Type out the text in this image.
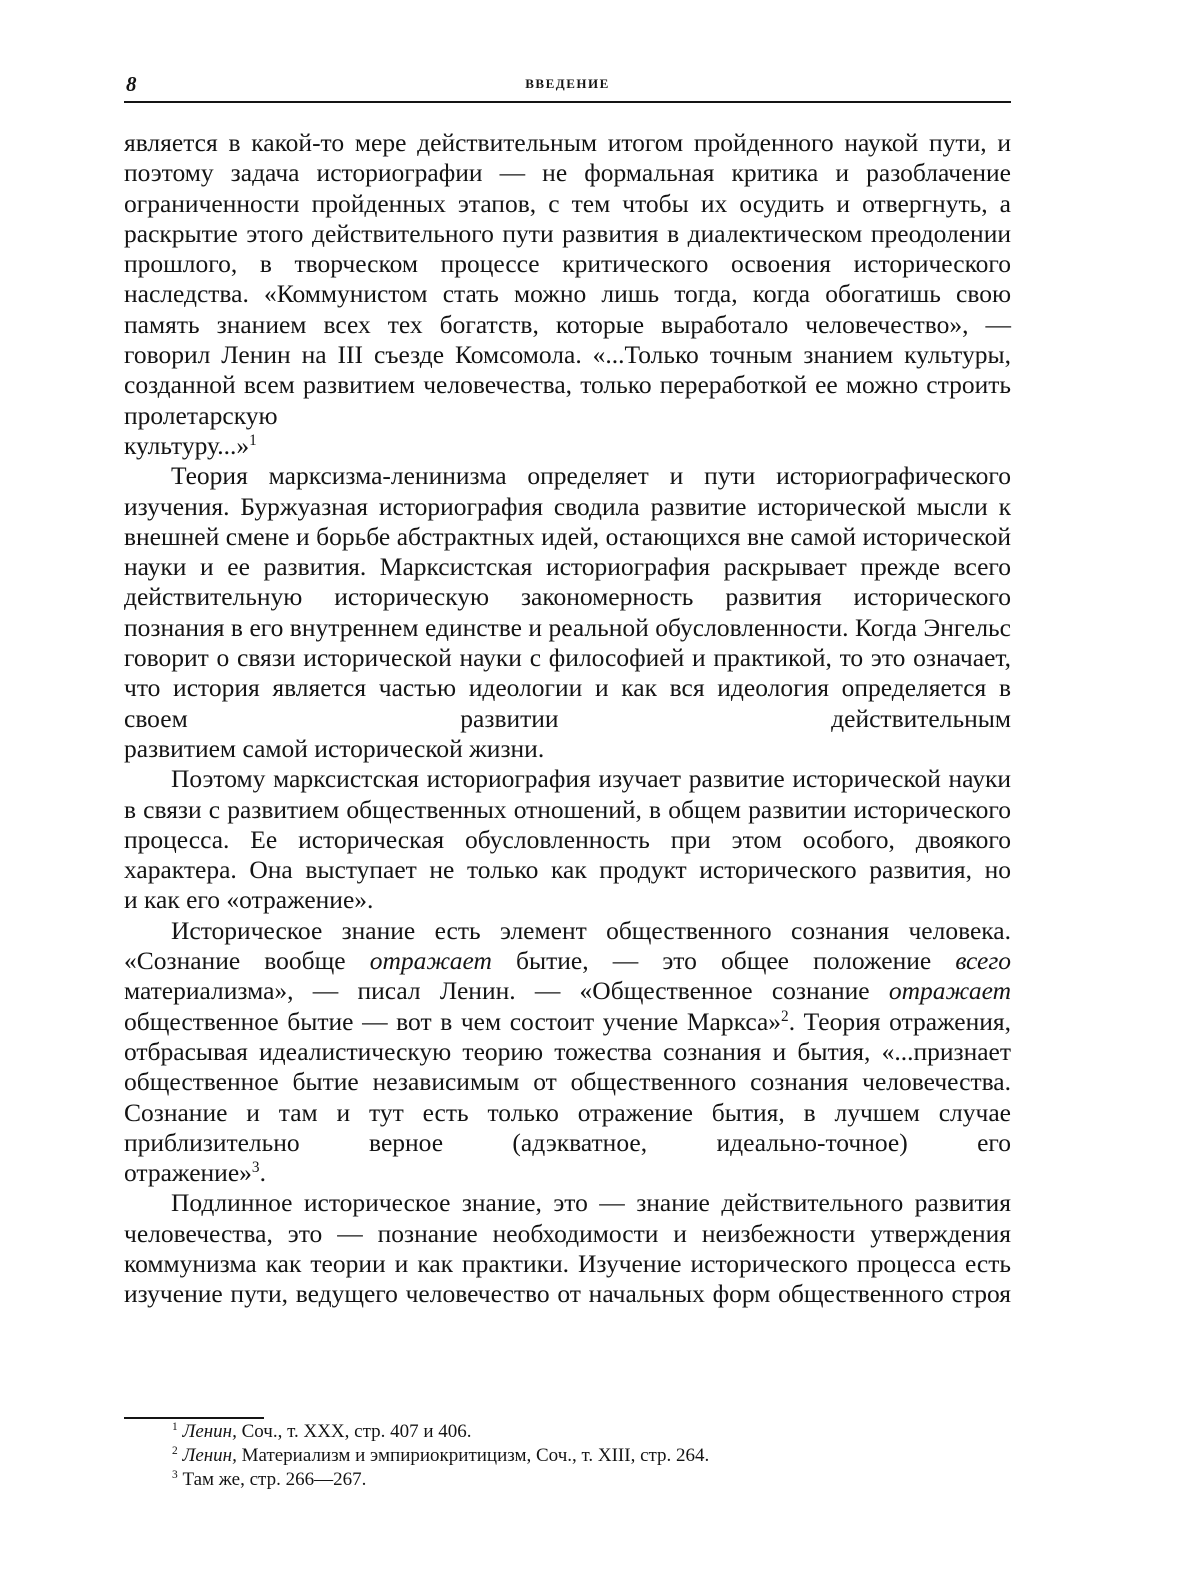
8	ВВЕДЕНИЕ

является в какой-то мере действительным итогом пройденного наукой пути, и поэтому задача историографии — не формальная критика и разоблачение ограниченности пройденных этапов, с тем чтобы их осудить и отвергнуть, а раскрытие этого действительного пути развития в диалектическом преодолении прошлого, в творческом процессе критического освоения исторического наследства. «Коммунистом стать можно лишь тогда, когда обогатишь свою память знанием всех тех богатств, которые выработало человечество», — говорил Ленин на III съезде Комсомола. «...Только точным знанием культуры, созданной всем развитием человечества, только переработкой ее можно строить пролетарскую
культуру...»$^1$

Теория марксизма-ленинизма определяет и пути историографического изучения. Буржуазная историография сводила развитие исторической мысли к внешней смене и борьбе абстрактных идей, остающихся вне самой исторической науки и ее развития. Марксистская историография раскрывает прежде всего действительную историческую закономерность развития исторического познания в его внутреннем единстве и реальной обусловленности. Когда Энгельс говорит о связи исторической науки с философией и практикой, то это означает, что история является частью идеологии и как вся идеология определяется в своем развитии действительным
развитием самой исторической жизни.

Поэтому марксистская историография изучает развитие исторической науки в связи с развитием общественных отношений, в общем развитии исторического процесса. Ее историческая обусловленность при этом особого, двоякого характера. Она выступает не только как продукт исторического развития, но
и как его «отражение».

Историческое знание есть элемент общественного сознания человека. «Сознание вообще отражает бытие, — это общее положение всего материализма», — писал Ленин. — «Общественное сознание отражает общественное бытие — вот в чем состоит учение Маркса»$^2$. Теория отражения, отбрасывая идеалистическую теорию тожества сознания и бытия, «...признает общественное бытие независимым от общественного сознания человечества. Сознание и там и тут есть только отражение бытия, в лучшем случае приблизительно верное (адэкватное, идеально-точное) его
отражение»$^3$.

Подлинное историческое знание, это — знание действительного развития человечества, это — познание необходимости и неизбежности утверждения коммунизма как теории и как практики. Изучение исторического процесса есть изучение пути, ведущего человечество от начальных форм общественного строя

$^1$ Ленин, Соч., т. XXX, стр. 407 и 406.
$^2$ Ленин, Материализм и эмпириокритицизм, Соч., т. XIII, стр. 264.
$^3$ Там же, стр. 266—267.
